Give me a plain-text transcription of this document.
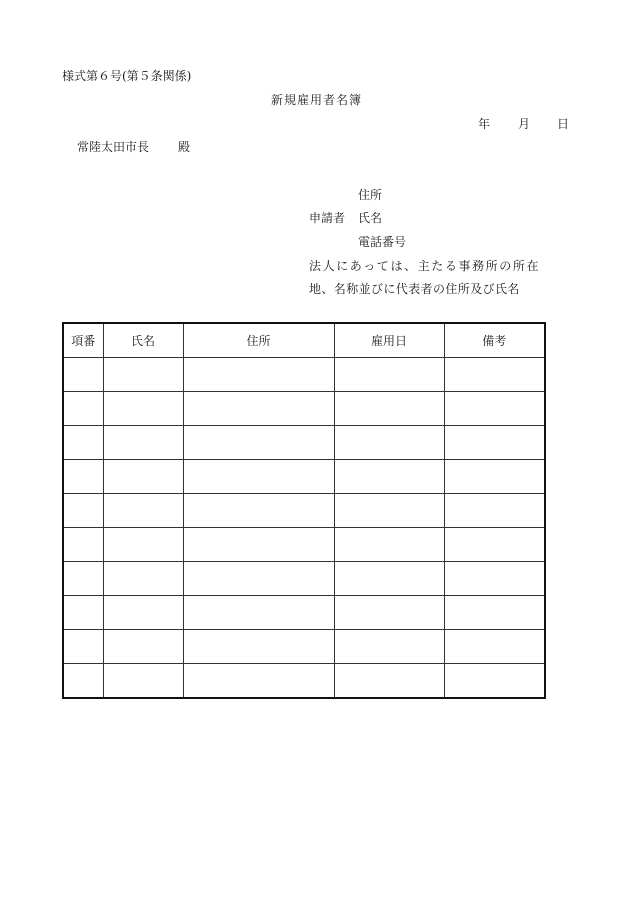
様式第６号(第５条関係)
新規雇用者名簿
年 月 日
常陸太田市長 殿
住所
申請者 氏名
電話番号
法人にあっては、主たる事務所の所在
地、名称並びに代表者の住所及び氏名
項番	氏名	住所	雇用日	備考
